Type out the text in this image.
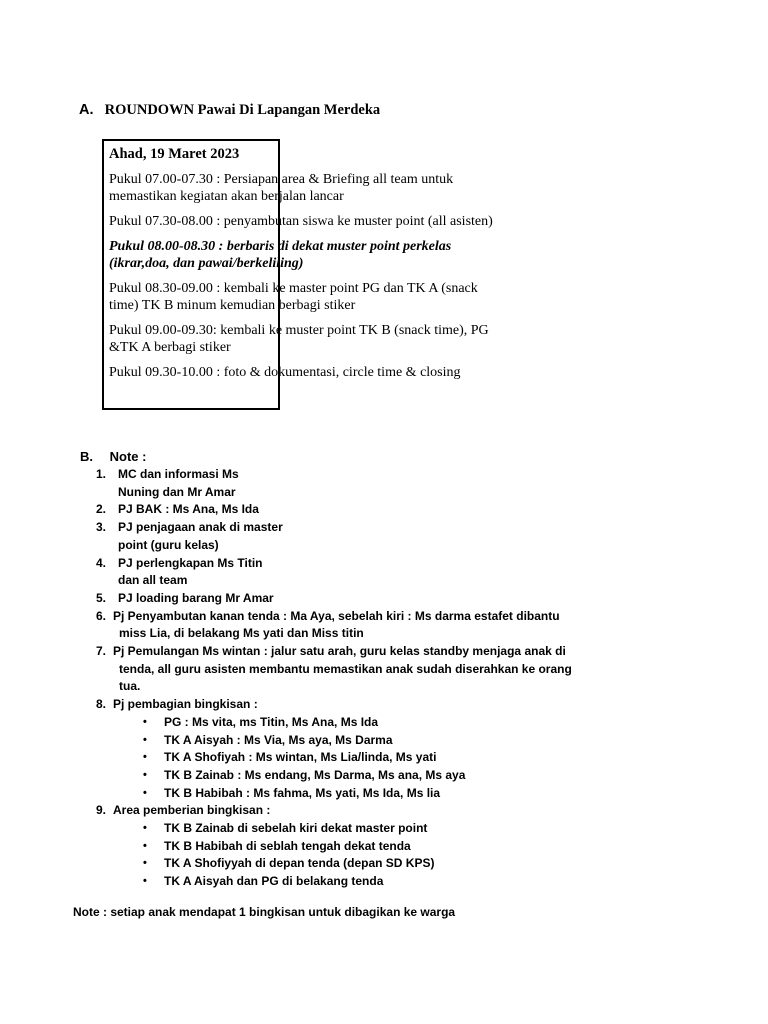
A. ROUNDOWN Pawai Di Lapangan Merdeka
Ahad, 19 Maret 2023
Pukul 07.00-07.30 : Persiapan area & Briefing all team untuk
memastikan kegiatan akan berjalan lancar
Pukul 07.30-08.00 : penyambutan siswa ke muster point (all asisten)
Pukul 08.00-08.30 : berbaris di dekat muster point perkelas
(ikrar,doa, dan pawai/berkeliling)
Pukul 08.30-09.00 : kembali ke master point PG dan TK A (snack
time) TK B minum kemudian berbagi stiker
Pukul 09.00-09.30: kembali ke muster point TK B (snack time), PG
&TK A berbagi stiker
Pukul 09.30-10.00 : foto & dokumentasi, circle time & closing
B. Note :
1. MC dan informasi Ms
Nuning dan Mr Amar
2. PJ BAK : Ms Ana, Ms Ida
3. PJ penjagaan anak di master
point (guru kelas)
4. PJ perlengkapan Ms Titin
dan all team
5. PJ loading barang Mr Amar
6. Pj Penyambutan kanan tenda : Ma Aya, sebelah kiri : Ms darma estafet dibantu
miss Lia, di belakang Ms yati dan Miss titin
7. Pj Pemulangan Ms wintan : jalur satu arah, guru kelas standby menjaga anak di
tenda, all guru asisten membantu memastikan anak sudah diserahkan ke orang
tua.
8. Pj pembagian bingkisan :
• PG : Ms vita, ms Titin, Ms Ana, Ms Ida
• TK A Aisyah : Ms Via, Ms aya, Ms Darma
• TK A Shofiyah : Ms wintan, Ms Lia/linda, Ms yati
• TK B Zainab : Ms endang, Ms Darma, Ms ana, Ms aya
• TK B Habibah : Ms fahma, Ms yati, Ms Ida, Ms lia
9. Area pemberian bingkisan :
• TK B Zainab di sebelah kiri dekat master point
• TK B Habibah di seblah tengah dekat tenda
• TK A Shofiyyah di depan tenda (depan SD KPS)
• TK A Aisyah dan PG di belakang tenda
Note : setiap anak mendapat 1 bingkisan untuk dibagikan ke warga
